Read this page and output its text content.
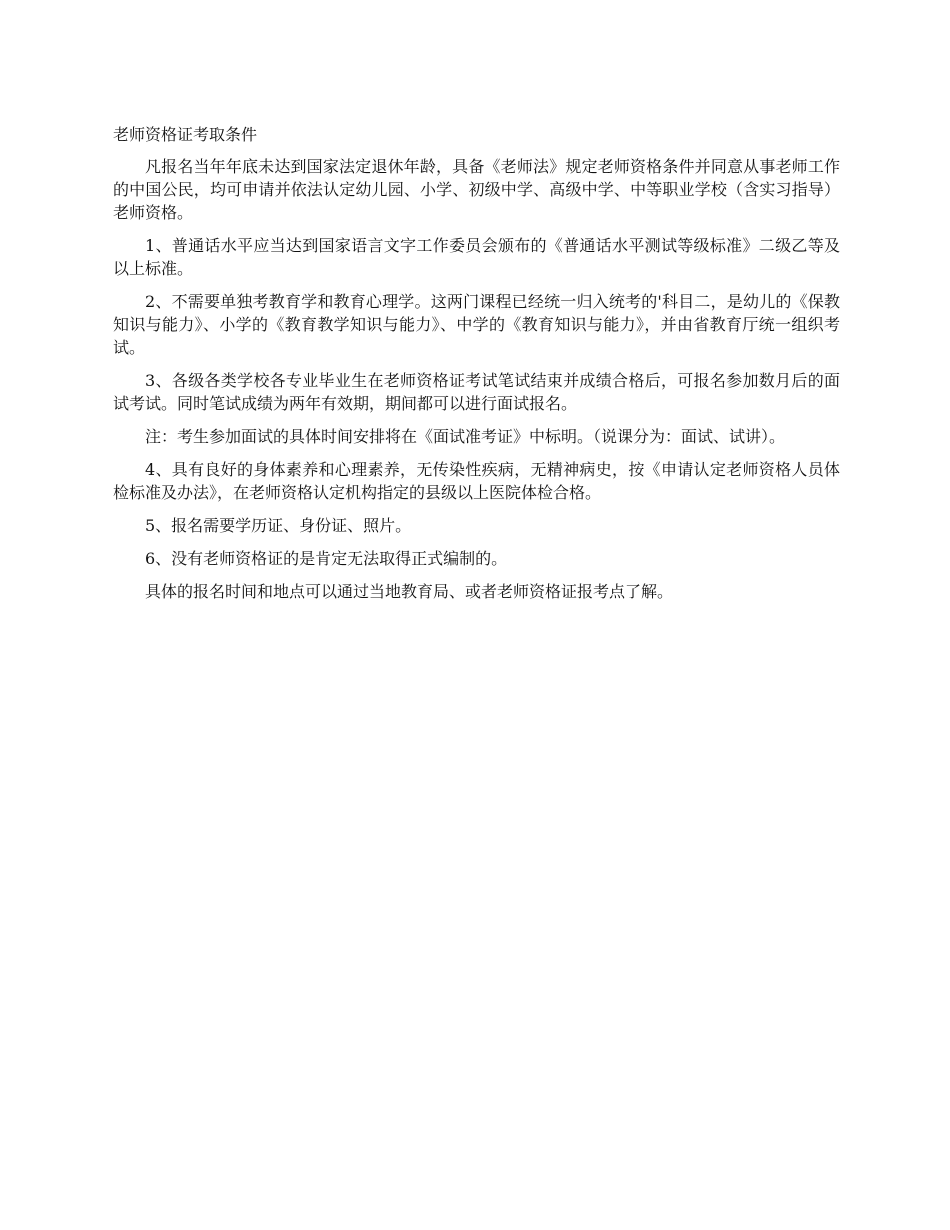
老师资格证考取条件

凡报名当年年底未达到国家法定退休年龄，具备《老师法》规定老师资格条件并同意从事老师工作的中国公民，均可申请并依法认定幼儿园、小学、初级中学、高级中学、中等职业学校（含实习指导）老师资格。

1、普通话水平应当达到国家语言文字工作委员会颁布的《普通话水平测试等级标准》二级乙等及以上标准。

2、不需要单独考教育学和教育心理学。这两门课程已经统一归入统考的'科目二，是幼儿的《保教知识与能力》、小学的《教育教学知识与能力》、中学的《教育知识与能力》，并由省教育厅统一组织考试。

3、各级各类学校各专业毕业生在老师资格证考试笔试结束并成绩合格后，可报名参加数月后的面试考试。同时笔试成绩为两年有效期，期间都可以进行面试报名。

注：考生参加面试的具体时间安排将在《面试准考证》中标明。（说课分为：面试、试讲）。

4、具有良好的身体素养和心理素养，无传染性疾病，无精神病史，按《申请认定老师资格人员体检标准及办法》，在老师资格认定机构指定的县级以上医院体检合格。

5、报名需要学历证、身份证、照片。

6、没有老师资格证的是肯定无法取得正式编制的。

具体的报名时间和地点可以通过当地教育局、或者老师资格证报考点了解。
